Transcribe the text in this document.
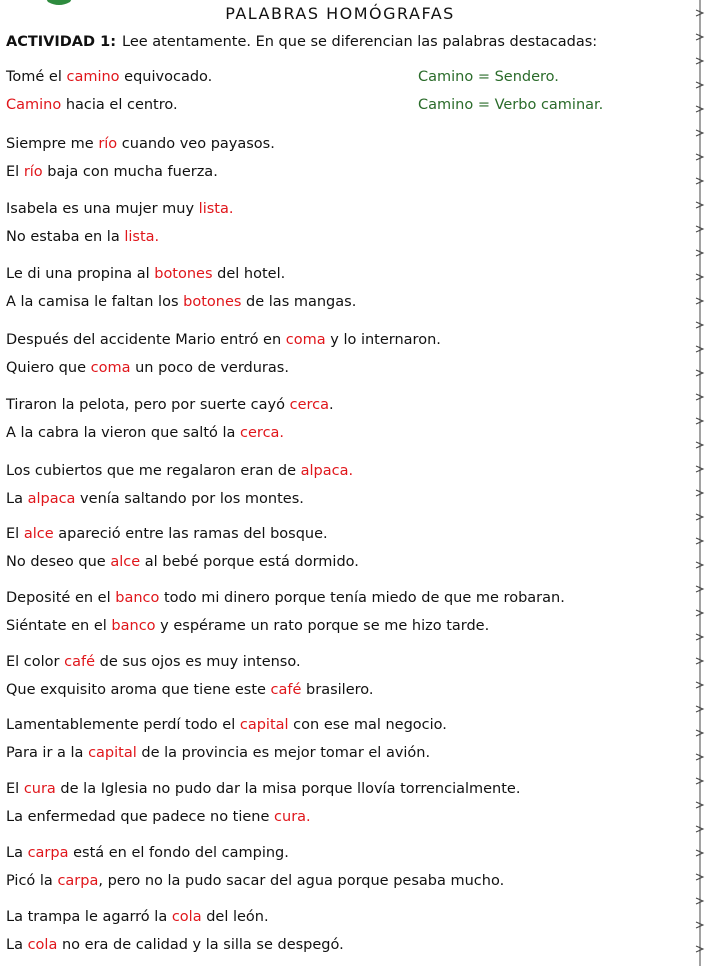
PALABRAS HOMÓGRAFAS
ACTIVIDAD 1: Lee atentamente. En que se diferencian las palabras destacadas:
Camino = Sendero.
Camino = Verbo caminar.
Tomé el camino equivocado.
Camino hacia el centro.
Siempre me río cuando veo payasos.
El río baja con mucha fuerza.
Isabela es una mujer muy lista.
No estaba en la lista.
Le di una propina al botones del hotel.
A la camisa le faltan los botones de las mangas.
Después del accidente Mario entró en coma y lo internaron.
Quiero que coma un poco de verduras.
Tiraron la pelota, pero por suerte cayó cerca.
A la cabra la vieron que saltó la cerca.
Los cubiertos que me regalaron eran de alpaca.
La alpaca venía saltando por los montes.
El alce apareció entre las ramas del bosque.
No deseo que alce al bebé porque está dormido.
Deposité en el banco todo mi dinero porque tenía miedo de que me robaran.
Siéntate en el banco y espérame un rato porque se me hizo tarde.
El color café de sus ojos es muy intenso.
Que exquisito aroma que tiene este café brasilero.
Lamentablemente perdí todo el capital con ese mal negocio.
Para ir a la capital de la provincia es mejor tomar el avión.
El cura de la Iglesia no pudo dar la misa porque llovía torrencialmente.
La enfermedad que padece no tiene cura.
La carpa está en el fondo del camping.
Picó la carpa, pero no la pudo sacar del agua porque pesaba mucho.
La trampa le agarró la cola del león.
La cola no era de calidad y la silla se despegó.
